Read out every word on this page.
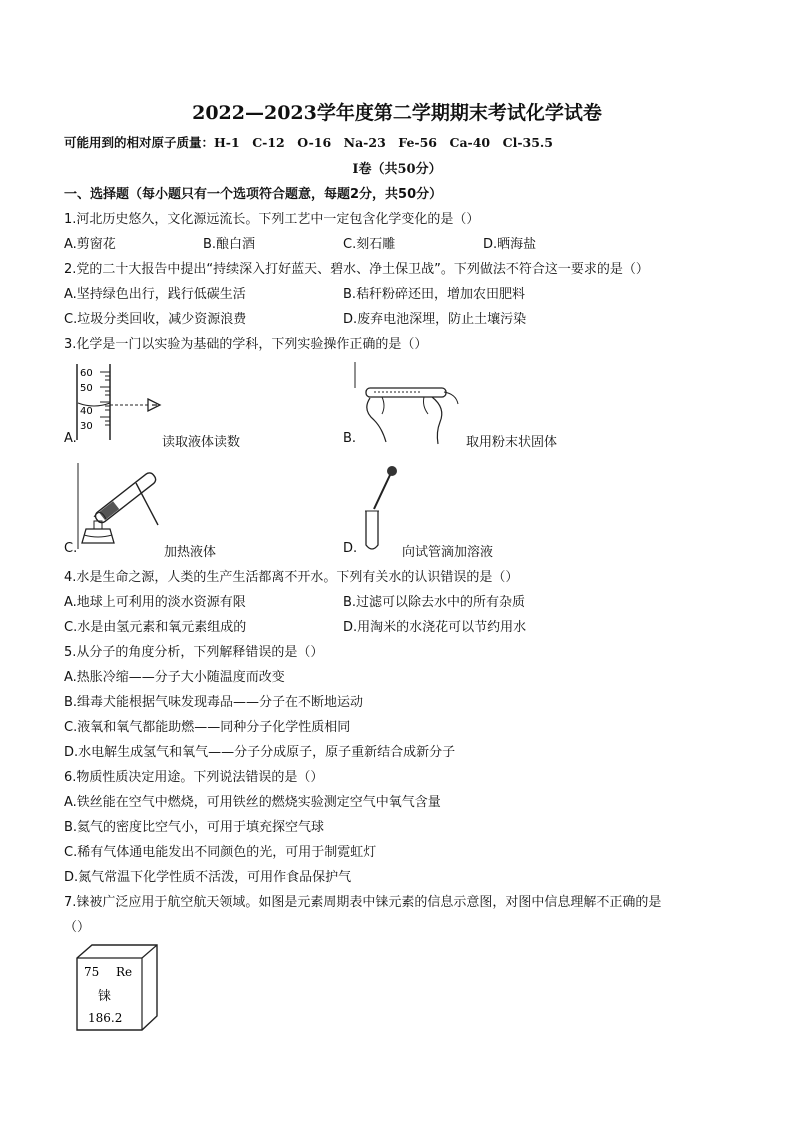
2022—2023学年度第二学期期末考试化学试卷
可能用到的相对原子质量：H-1　C-12　O-16　Na-23　Fe-56　Ca-40　Cl-35.5
Ⅰ卷（共50分）
一、选择题（每小题只有一个选项符合题意，每题2分，共50分）
1.河北历史悠久，文化源远流长。下列工艺中一定包含化学变化的是（）
A.剪窗花	B.酿白酒	C.刻石雕	D.晒海盐
2.党的二十大报告中提出“持续深入打好蓝天、碧水、净土保卫战”。下列做法不符合这一要求的是（）
A.坚持绿色出行，践行低碳生活	B.秸秆粉碎还田，增加农田肥料
C.垃圾分类回收，减少资源浪费	D.废弃电池深埋，防止土壤污染
3.化学是一门以实验为基础的学科，下列实验操作正确的是（）
60
50
40
30
A.	读取液体读数	B.	取用粉末状固体
C.	加热液体	D.	向试管滴加溶液
4.水是生命之源，人类的生产生活都离不开水。下列有关水的认识错误的是（）
A.地球上可利用的淡水资源有限	B.过滤可以除去水中的所有杂质
C.水是由氢元素和氧元素组成的	D.用淘米的水浇花可以节约用水
5.从分子的角度分析，下列解释错误的是（）
A.热胀冷缩——分子大小随温度而改变
B.缉毒犬能根据气味发现毒品——分子在不断地运动
C.液氧和氧气都能助燃——同种分子化学性质相同
D.水电解生成氢气和氧气——分子分成原子，原子重新结合成新分子
6.物质性质决定用途。下列说法错误的是（）
A.铁丝能在空气中燃烧，可用铁丝的燃烧实验测定空气中氧气含量
B.氦气的密度比空气小，可用于填充探空气球
C.稀有气体通电能发出不同颜色的光，可用于制霓虹灯
D.氮气常温下化学性质不活泼，可用作食品保护气
7.铼被广泛应用于航空航天领域。如图是元素周期表中铼元素的信息示意图，对图中信息理解不正确的是
（）
75 Re
铼
186.2
